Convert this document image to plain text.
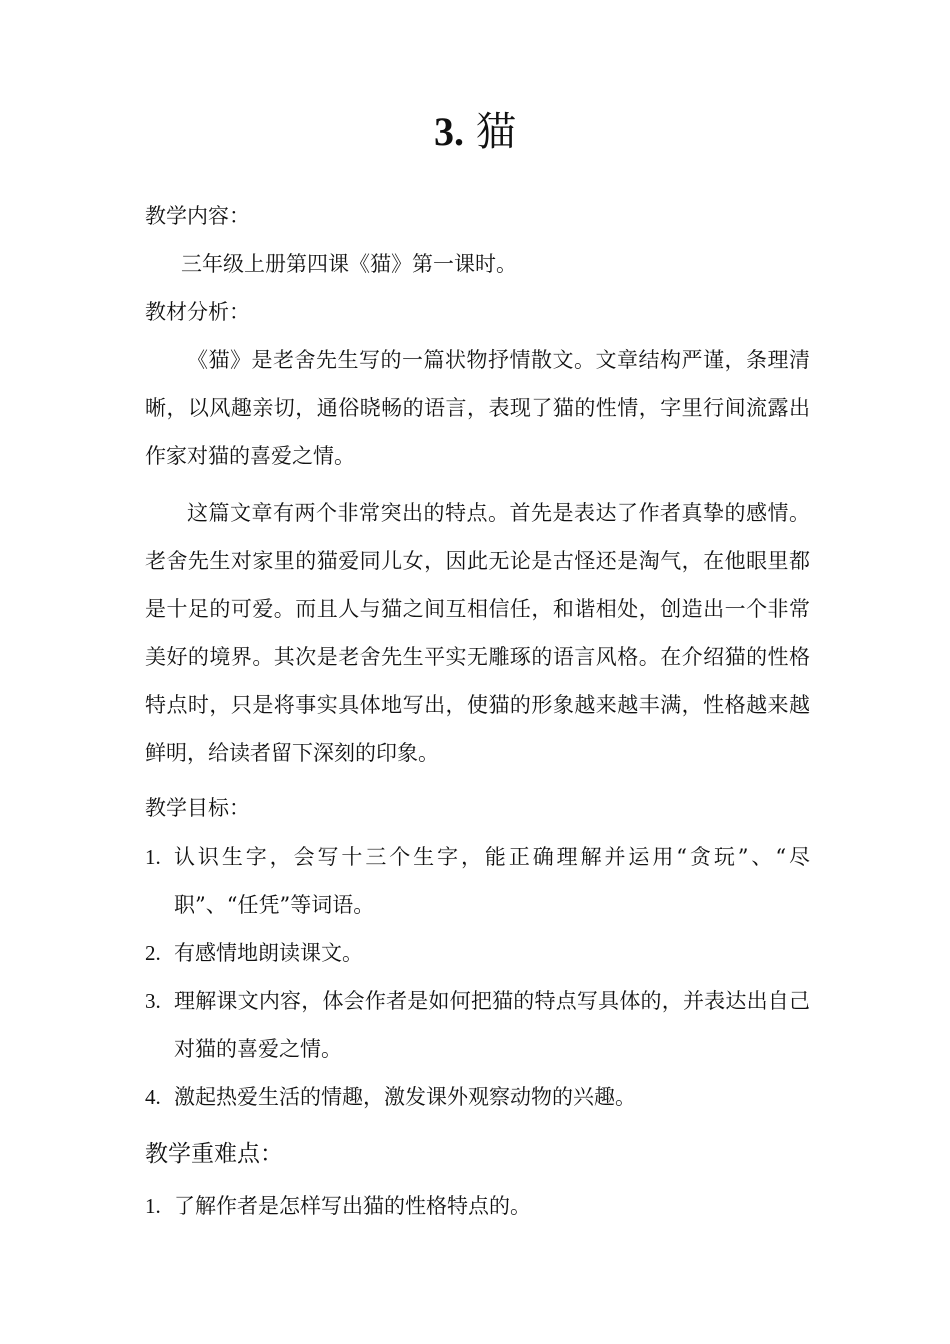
3. 猫
教学内容：

三年级上册第四课《猫》第一课时。

教材分析：

《猫》是老舍先生写的一篇状物抒情散文。文章结构严谨，条理清晰，以风趣亲切，通俗晓畅的语言，表现了猫的性情，字里行间流露出作家对猫的喜爱之情。

这篇文章有两个非常突出的特点。首先是表达了作者真挚的感情。老舍先生对家里的猫爱同儿女，因此无论是古怪还是淘气，在他眼里都是十足的可爱。而且人与猫之间互相信任，和谐相处，创造出一个非常美好的境界。其次是老舍先生平实无雕琢的语言风格。在介绍猫的性格特点时，只是将事实具体地写出，使猫的形象越来越丰满，性格越来越鲜明，给读者留下深刻的印象。

教学目标：
1. 认识生字，会写十三个生字，能正确理解并运用“贪玩”、“尽职”、“任凭”等词语。
2. 有感情地朗读课文。
3. 理解课文内容，体会作者是如何把猫的特点写具体的，并表达出自己对猫的喜爱之情。
4. 激起热爱生活的情趣，激发课外观察动物的兴趣。
教学重难点：
1. 了解作者是怎样写出猫的性格特点的。
